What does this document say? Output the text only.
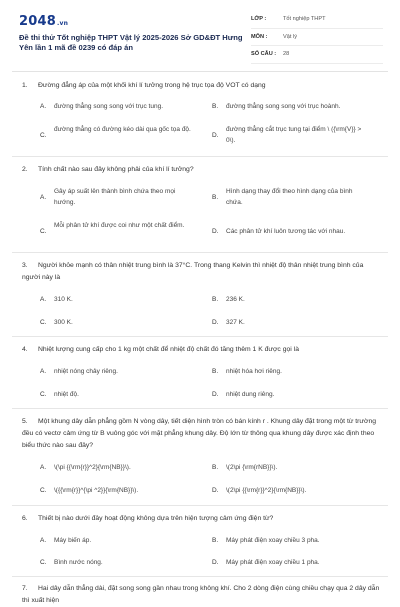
2048.vn
Đề thi thử Tốt nghiệp THPT Vật lý 2025-2026 Sở GD&ĐT Hưng Yên lần 1 mã đề 0239 có đáp án
LỚP :	Tốt nghiệp THPT
MÔN :	Vật lý
SỐ CÂU :	28
1. Đường đẳng áp của một khối khí lí tưởng trong hệ trục tọa độ VOT có dạng
A.	đường thẳng song song với trục tung.	B.	đường thẳng song song với trục hoành.
C.
đường thẳng có đường kéo dài qua gốc tọa độ.
D.
đường thẳng cắt trục tung tại điểm \ ({\rm{V}} > 0\).
2. Tính chất nào sau đây không phải của khí lí tưởng?
A.
Gây áp suất lên thành bình chứa theo mọi hướng.
B.
Hình dạng thay đổi theo hình dạng của bình chứa.
C.
Mỗi phân tử khí được coi như một chất điểm.
D.	Các phân tử khí luôn tương tác với nhau.
3. Người khỏe mạnh có thân nhiệt trung bình là 37°C. Trong thang Kelvin thì nhiệt độ thân nhiệt trung bình của người này là
A.	310 K.	B.	236 K.
C.	300 K.	D.	327 K.
4. Nhiệt lượng cung cấp cho 1 kg một chất để nhiệt độ chất đó tăng thêm 1 K được gọi là
A.	nhiệt nóng chảy riêng.	B.	nhiệt hóa hơi riêng.
C.	nhiệt độ.	D.	nhiệt dung riêng.
5. Một khung dây dẫn phẳng gồm N vòng dây, tiết diện hình tròn có bán kính r . Khung dây đặt trong một từ trường đều có vectơ cảm ứng từ B vuông góc với mặt phẳng khung dây. Độ lớn từ thông qua khung dây được xác định theo biểu thức nào sau đây?
A.	\(\pi {{\rm{r}}^2}{\rm{NB}}\).	B.	\(2\pi {\rm{rNB}}\).
C.	\({{\rm{r}}^{\pi ^2}}{\rm{NB}}\).	D.	\(2\pi {{\rm{r}}^2}{\rm{NB}}\).
6. Thiết bị nào dưới đây hoạt động không dựa trên hiện tượng cảm ứng điện từ?
A.	Máy biến áp.	B.	Máy phát điện xoay chiều 3 pha.
C.	Bình nước nóng.	D.	Máy phát điện xoay chiều 1 pha.
7. Hai dây dẫn thẳng dài, đặt song song gần nhau trong không khí. Cho 2 dòng điện cùng chiều chạy qua 2 dây dẫn thì xuất hiện
